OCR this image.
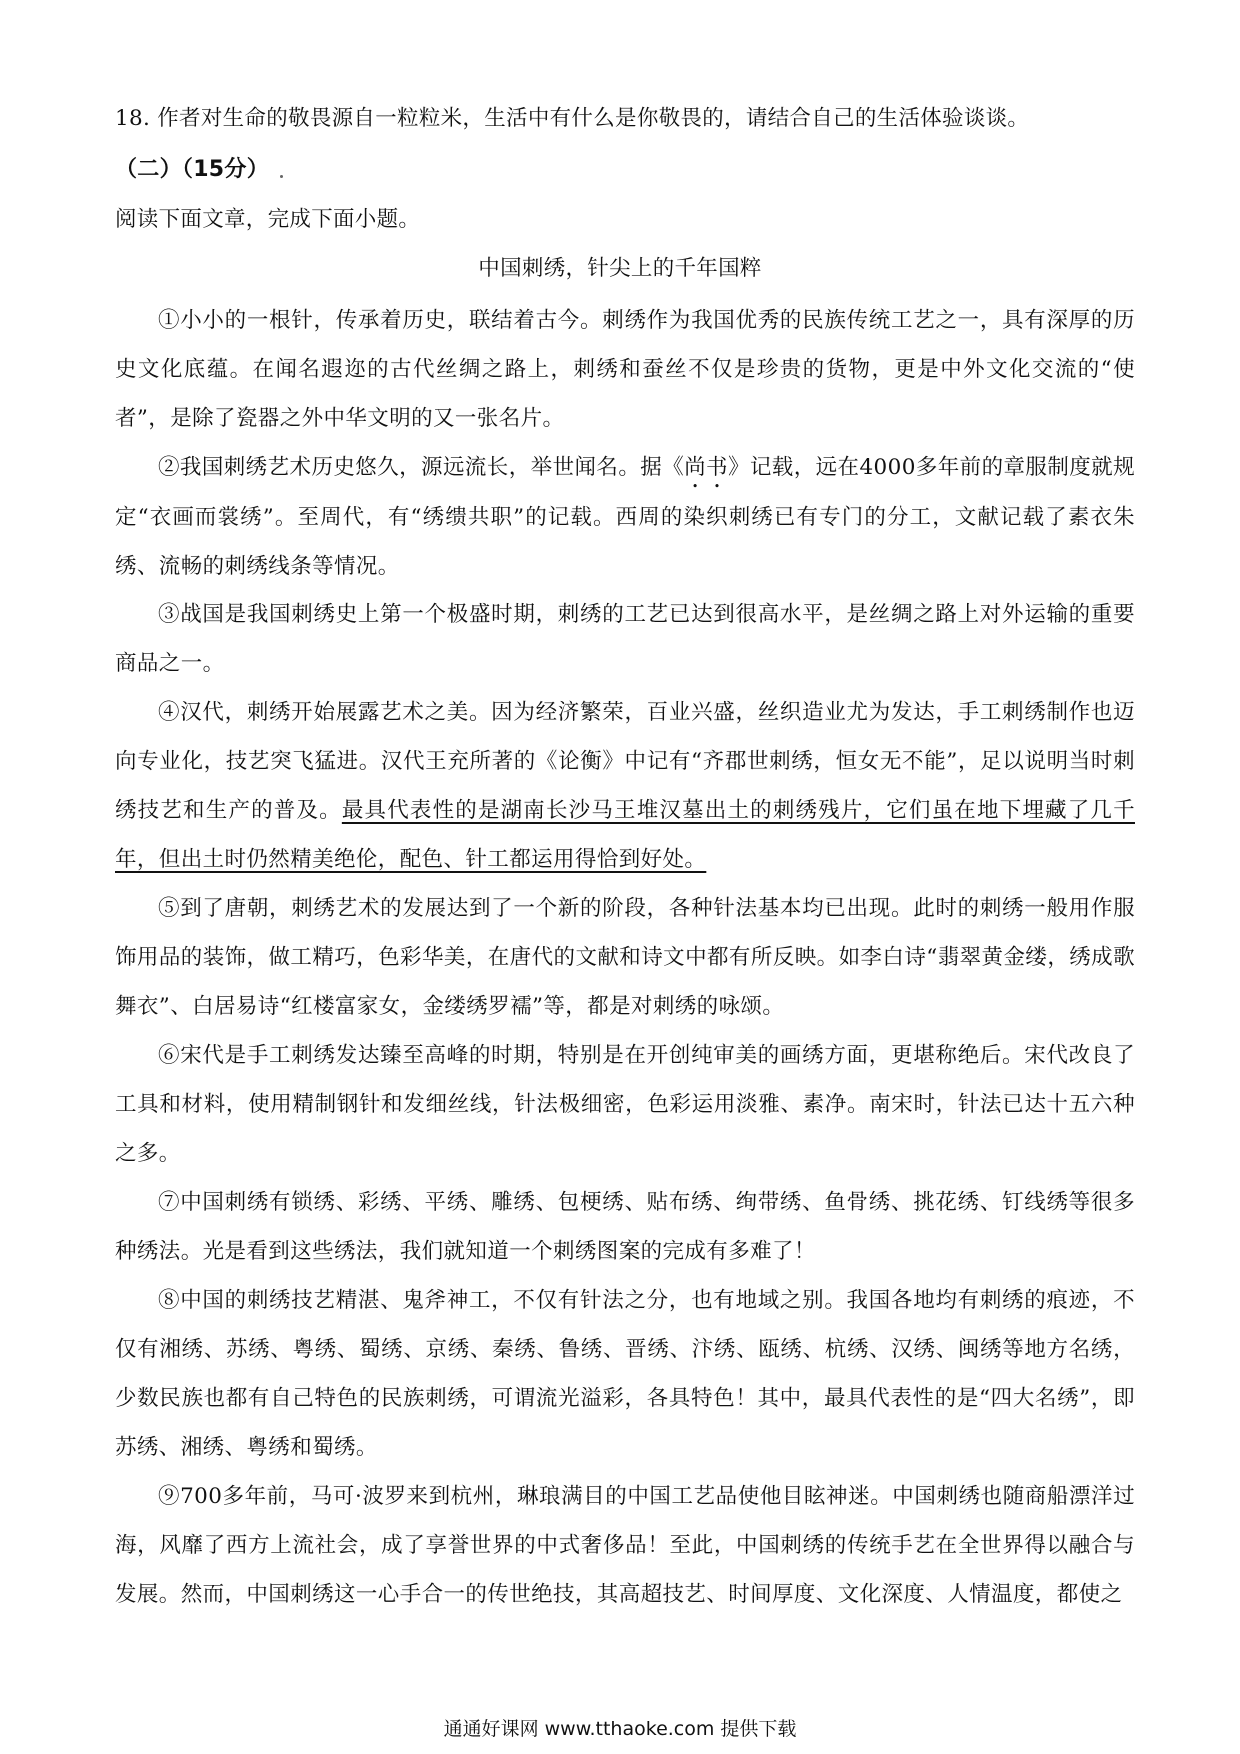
18. 作者对生命的敬畏源自一粒粒米，生活中有什么是你敬畏的，请结合自己的生活体验谈谈。
（二）（15分）
阅读下面文章，完成下面小题。
中国刺绣，针尖上的千年国粹

①小小的一根针，传承着历史，联结着古今。刺绣作为我国优秀的民族传统工艺之一，具有深厚的历史文化底蕴。在闻名遐迩的古代丝绸之路上，刺绣和蚕丝不仅是珍贵的货物，更是中外文化交流的“使者”，是除了瓷器之外中华文明的又一张名片。

②我国刺绣艺术历史悠久，源远流长，举世闻名。据《尚书》记载，远在4000多年前的章服制度就规定“衣画而裳绣”。至周代，有“绣缋共职”的记载。西周的染织刺绣已有专门的分工，文献记载了素衣朱绣、流畅的刺绣线条等情况。

③战国是我国刺绣史上第一个极盛时期，刺绣的工艺已达到很高水平，是丝绸之路上对外运输的重要商品之一。

④汉代，刺绣开始展露艺术之美。因为经济繁荣，百业兴盛，丝织造业尤为发达，手工刺绣制作也迈向专业化，技艺突飞猛进。汉代王充所著的《论衡》中记有“齐郡世刺绣，恒女无不能”，足以说明当时刺绣技艺和生产的普及。最具代表性的是湖南长沙马王堆汉墓出土的刺绣残片，它们虽在地下埋藏了几千年，但出土时仍然精美绝伦，配色、针工都运用得恰到好处。

⑤到了唐朝，刺绣艺术的发展达到了一个新的阶段，各种针法基本均已出现。此时的刺绣一般用作服饰用品的装饰，做工精巧，色彩华美，在唐代的文献和诗文中都有所反映。如李白诗“翡翠黄金缕，绣成歌舞衣”、白居易诗“红楼富家女，金缕绣罗襦”等，都是对刺绣的咏颂。

⑥宋代是手工刺绣发达臻至高峰的时期，特别是在开创纯审美的画绣方面，更堪称绝后。宋代改良了工具和材料，使用精制钢针和发细丝线，针法极细密，色彩运用淡雅、素净。南宋时，针法已达十五六种之多。

⑦中国刺绣有锁绣、彩绣、平绣、雕绣、包梗绣、贴布绣、绚带绣、鱼骨绣、挑花绣、钉线绣等很多种绣法。光是看到这些绣法，我们就知道一个刺绣图案的完成有多难了！

⑧中国的刺绣技艺精湛、鬼斧神工，不仅有针法之分，也有地域之别。我国各地均有刺绣的痕迹，不仅有湘绣、苏绣、粤绣、蜀绣、京绣、秦绣、鲁绣、晋绣、汴绣、瓯绣、杭绣、汉绣、闽绣等地方名绣，少数民族也都有自己特色的民族刺绣，可谓流光溢彩，各具特色！其中，最具代表性的是“四大名绣”，即苏绣、湘绣、粤绣和蜀绣。

⑨700多年前，马可·波罗来到杭州，琳琅满目的中国工艺品使他目眩神迷。中国刺绣也随商船漂洋过海，风靡了西方上流社会，成了享誉世界的中式奢侈品！至此，中国刺绣的传统手艺在全世界得以融合与发展。然而，中国刺绣这一心手合一的传世绝技，其高超技艺、时间厚度、文化深度、人情温度，都使之

通通好课网 www.tthaoke.com 提供下载
